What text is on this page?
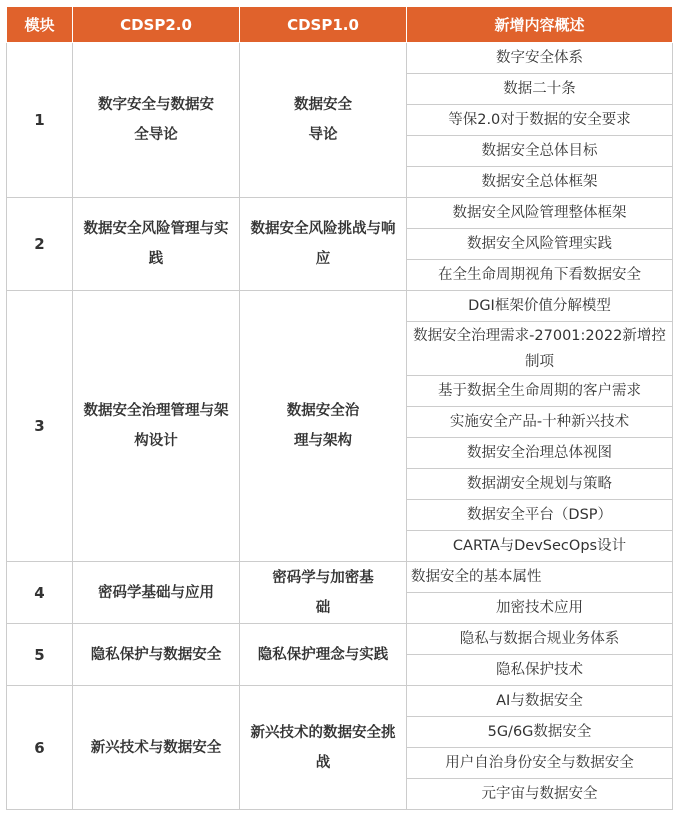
模块	CDSP2.0	CDSP1.0	新增内容概述
1	数字安全与数据安全导论	数据安全导论	数字安全体系
			数据二十条
			等保2.0对于数据的安全要求
			数据安全总体目标
			数据安全总体框架
2	数据安全风险管理与实践	数据安全风险挑战与响应	数据安全风险管理整体框架
			数据安全风险管理实践
			在全生命周期视角下看数据安全
3	数据安全治理管理与架构设计	数据安全治理与架构	DGI框架价值分解模型
			数据安全治理需求-27001:2022新增控制项
			基于数据全生命周期的客户需求
			实施安全产品-十种新兴技术
			数据安全治理总体视图
			数据湖安全规划与策略
			数据安全平台（DSP）
			CARTA与DevSecOps设计
4	密码学基础与应用	密码学与加密基础	数据安全的基本属性
			加密技术应用
5	隐私保护与数据安全	隐私保护理念与实践	隐私与数据合规业务体系
			隐私保护技术
6	新兴技术与数据安全	新兴技术的数据安全挑战	AI与数据安全
			5G/6G数据安全
			用户自治身份安全与数据安全
			元宇宙与数据安全
